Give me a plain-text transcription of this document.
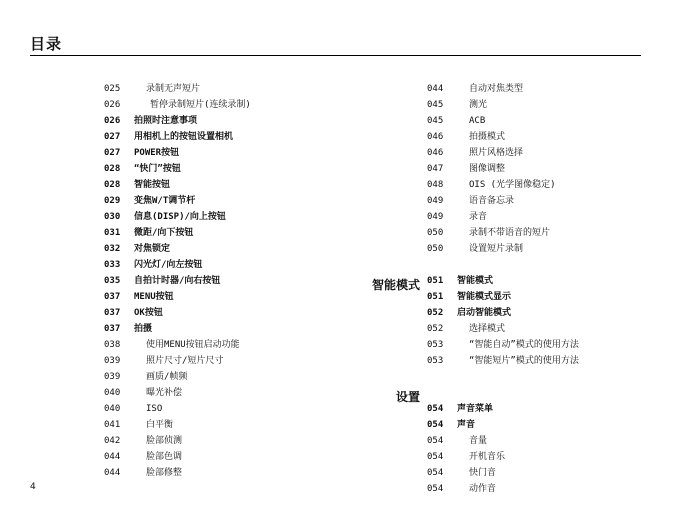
目录
025	录制无声短片
026	暂停录制短片(连续录制)
026	拍照时注意事项
027	用相机上的按钮设置相机
027	POWER按钮
028	“快门”按钮
028	智能按钮
029	变焦W/T调节杆
030	信息(DISP)/向上按钮
031	微距/向下按钮
032	对焦锁定
033	闪光灯/向左按钮
035	自拍计时器/向右按钮
037	MENU按钮
037	OK按钮
037	拍摄
038	使用MENU按钮启动功能
039	照片尺寸/短片尺寸
039	画质/帧频
040	曝光补偿
040	ISO
041	白平衡
042	脸部侦测
044	脸部色调
044	脸部修整
044	自动对焦类型
045	测光
045	ACB
046	拍摄模式
046	照片风格选择
047	图像调整
048	OIS (光学图像稳定)
049	语音备忘录
049	录音
050	录制不带语音的短片
050	设置短片录制
051	智能模式
051	智能模式显示
052	启动智能模式
052	选择模式
053	“智能自动”模式的使用方法
053	“智能短片”模式的使用方法
054	声音菜单
054	声音
054	音量
054	开机音乐
054	快门音
054	动作音
智能模式
设置
4
